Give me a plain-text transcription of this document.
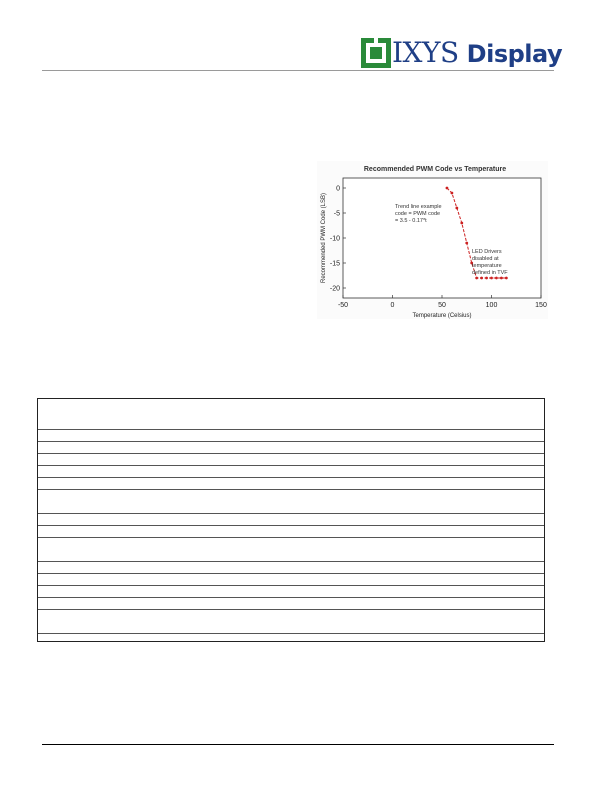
IXYS Display
Recommended PWM Code vs Temperature
Recommended PWM Code (LSB)
Temperature (Celsius)
-50	0	50	100	150
0
-5
-10
-15
-20
Trend line example
code = PWM code
= 3.5 - 0.17*t
LED Drivers
disabled at
temperature
defined in TVF
